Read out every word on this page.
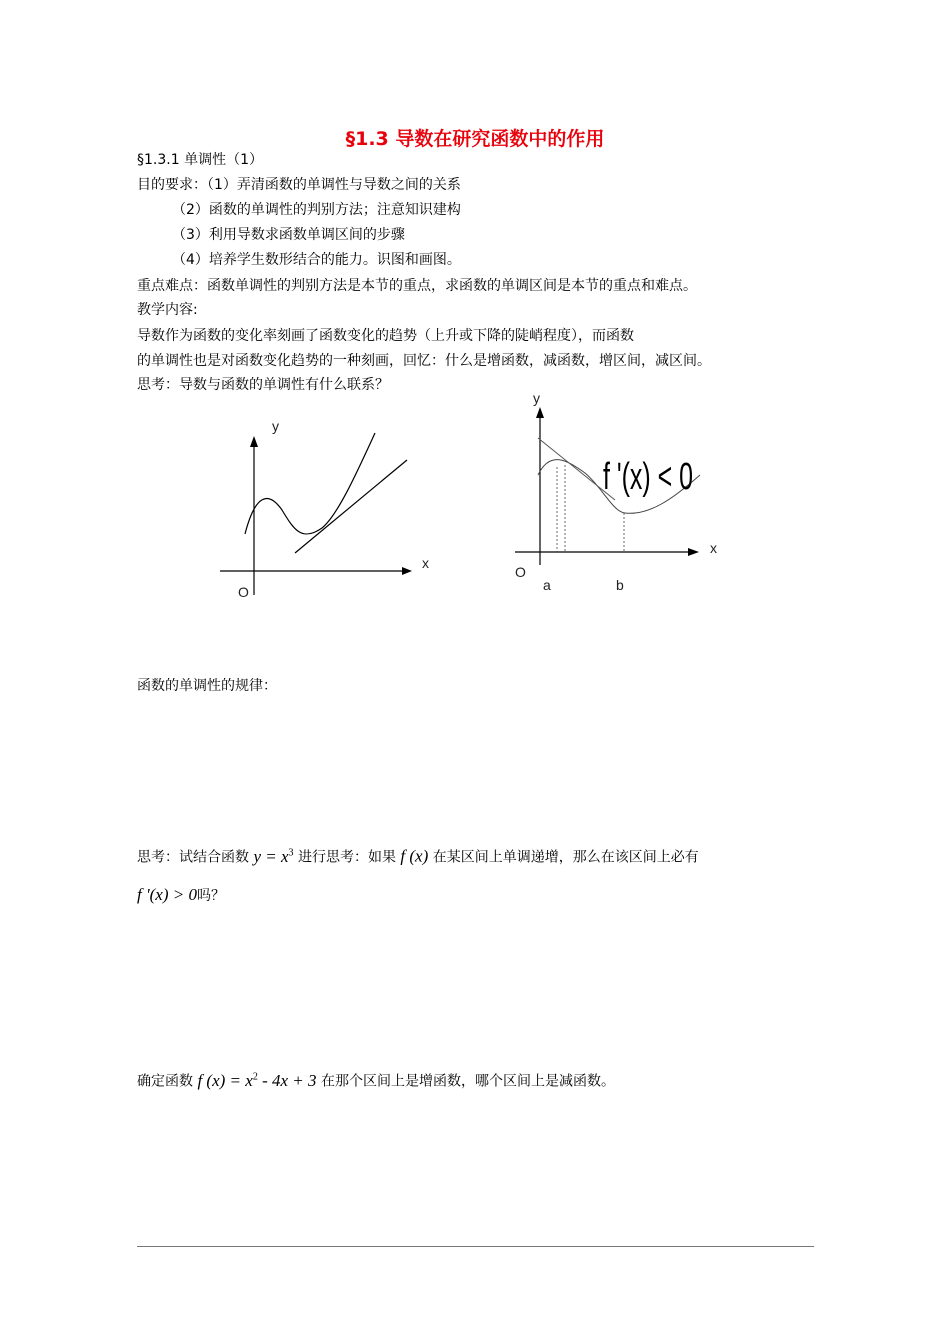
§1.3 导数在研究函数中的作用
§1.3.1 单调性（1）
目的要求：（1）弄清函数的单调性与导数之间的关系
（2）函数的单调性的判别方法；注意知识建构
（3）利用导数求函数单调区间的步骤
（4）培养学生数形结合的能力。识图和画图。
重点难点：函数单调性的判别方法是本节的重点，求函数的单调区间是本节的重点和难点。
教学内容:
导数作为函数的变化率刻画了函数变化的趋势（上升或下降的陡峭程度），而函数
的单调性也是对函数变化趋势的一种刻画，回忆：什么是增函数，减函数，增区间，减区间。
思考：导数与函数的单调性有什么联系？
y
x
O
f '(x) < 0
y
x
O
a	b
函数的单调性的规律：
思考：试结合函数 $y = x^3$ 进行思考：如果 f (x) 在某区间上单调递增，那么在该区间上必有
f '(x) > 0吗？
确定函数 f $(x) = x^2 - 4x + 3$ 在那个区间上是增函数，哪个区间上是减函数。
